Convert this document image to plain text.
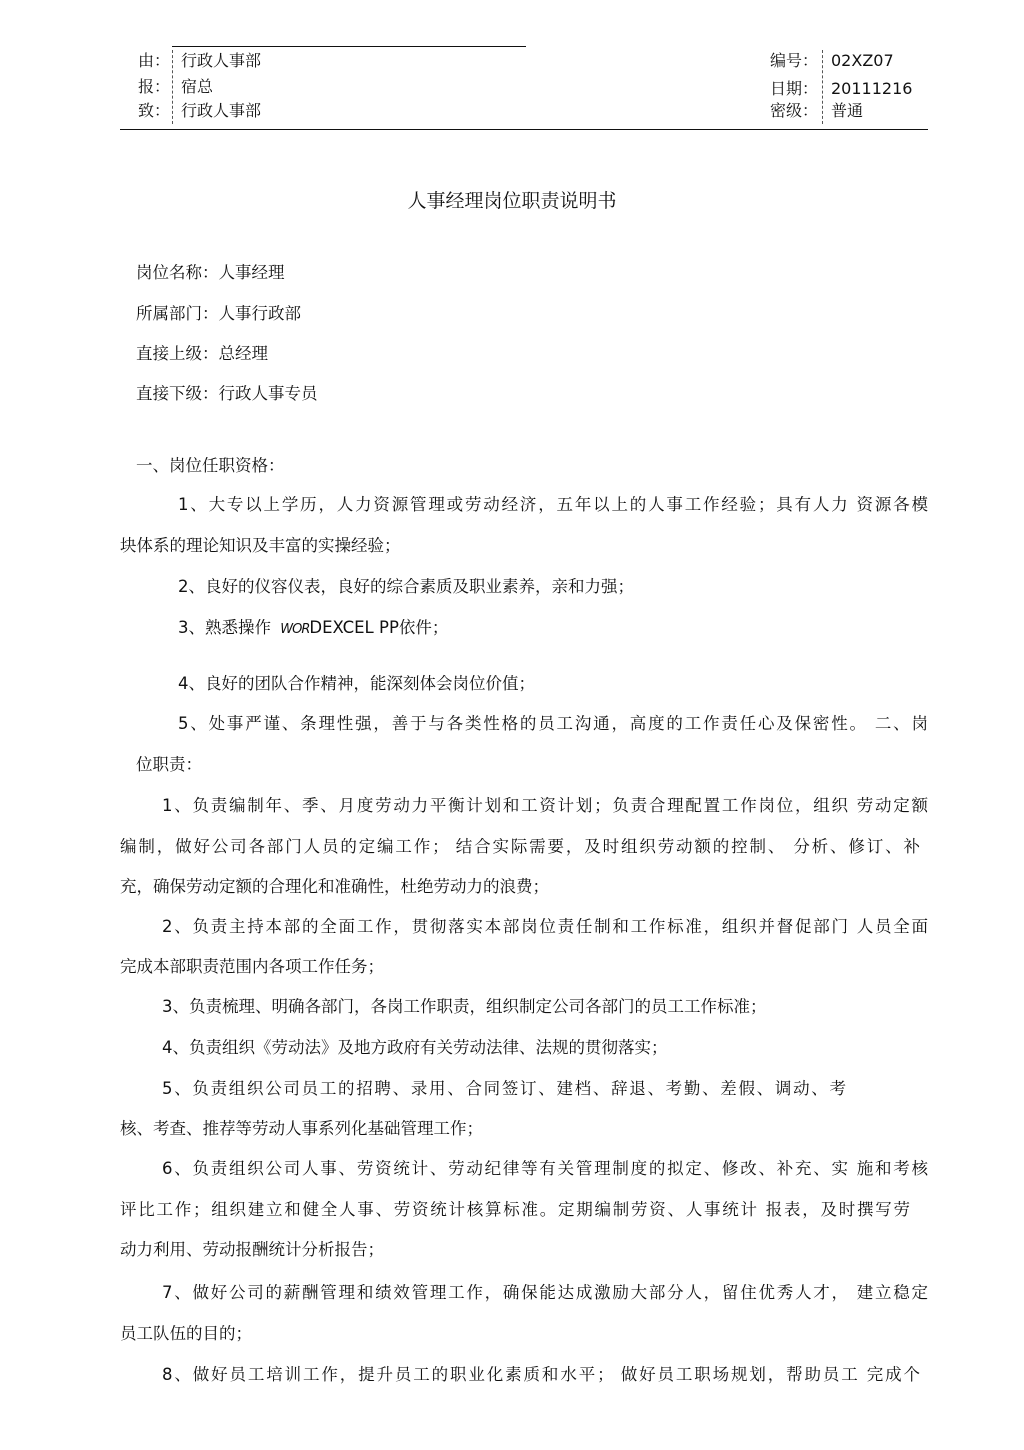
由： 行政人事部
报： 宿总
致： 行政人事部
编号： 02XZ07
日期： 20111216
密级： 普通
人事经理岗位职责说明书
岗位名称：人事经理
所属部门：人事行政部
直接上级：总经理
直接下级：行政人事专员
一、岗位任职资格：
1、大专以上学历，人力资源管理或劳动经济，五年以上的人事工作经验；具有人力 资源各模
块体系的理论知识及丰富的实操经验；
2、良好的仪容仪表，良好的综合素质及职业素养，亲和力强；
3、熟悉操作 WORDEXCEL PP依件；
4、良好的团队合作精神，能深刻体会岗位价值；
5、处事严谨、条理性强，善于与各类性格的员工沟通，高度的工作责任心及保密性。 二、岗
位职责：
1、负责编制年、季、月度劳动力平衡计划和工资计划；负责合理配置工作岗位，组织 劳动定额
编制，做好公司各部门人员的定编工作； 结合实际需要，及时组织劳动额的控制、 分析、修订、补
充，确保劳动定额的合理化和准确性，杜绝劳动力的浪费；
2、负责主持本部的全面工作，贯彻落实本部岗位责任制和工作标准，组织并督促部门 人员全面
完成本部职责范围内各项工作任务；
3、负责梳理、明确各部门，各岗工作职责，组织制定公司各部门的员工工作标准；
4、负责组织《劳动法》及地方政府有关劳动法律、法规的贯彻落实；
5、负责组织公司员工的招聘、录用、合同签订、建档、辞退、考勤、差假、调动、考
核、考查、推荐等劳动人事系列化基础管理工作；
6、负责组织公司人事、劳资统计、劳动纪律等有关管理制度的拟定、修改、补充、实 施和考核
评比工作；组织建立和健全人事、劳资统计核算标准。定期编制劳资、人事统计 报表，及时撰写劳
动力利用、劳动报酬统计分析报告；
7、做好公司的薪酬管理和绩效管理工作，确保能达成激励大部分人，留住优秀人才， 建立稳定
员工队伍的目的；
8、做好员工培训工作，提升员工的职业化素质和水平； 做好员工职场规划，帮助员工 完成个
